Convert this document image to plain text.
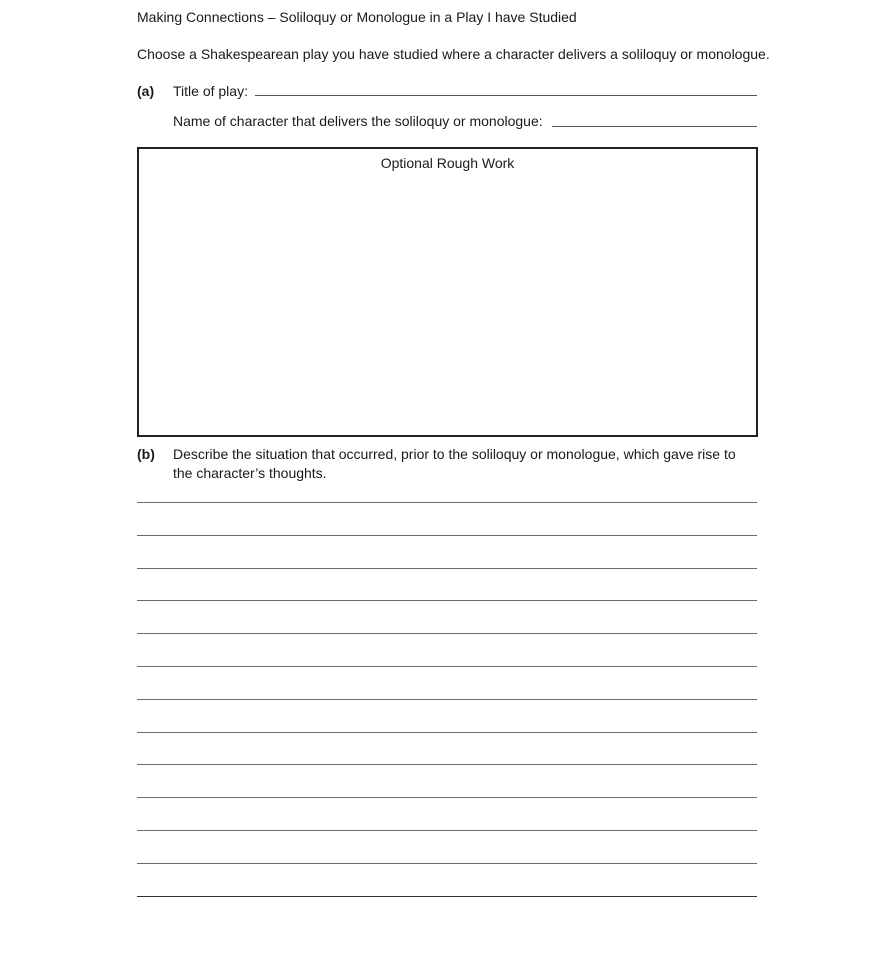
Making Connections – Soliloquy or Monologue in a Play I have Studied
Choose a Shakespearean play you have studied where a character delivers a soliloquy or monologue.
(a) Title of play:
Name of character that delivers the soliloquy or monologue:
Optional Rough Work
(b) Describe the situation that occurred, prior to the soliloquy or monologue, which gave rise to the character’s thoughts.
